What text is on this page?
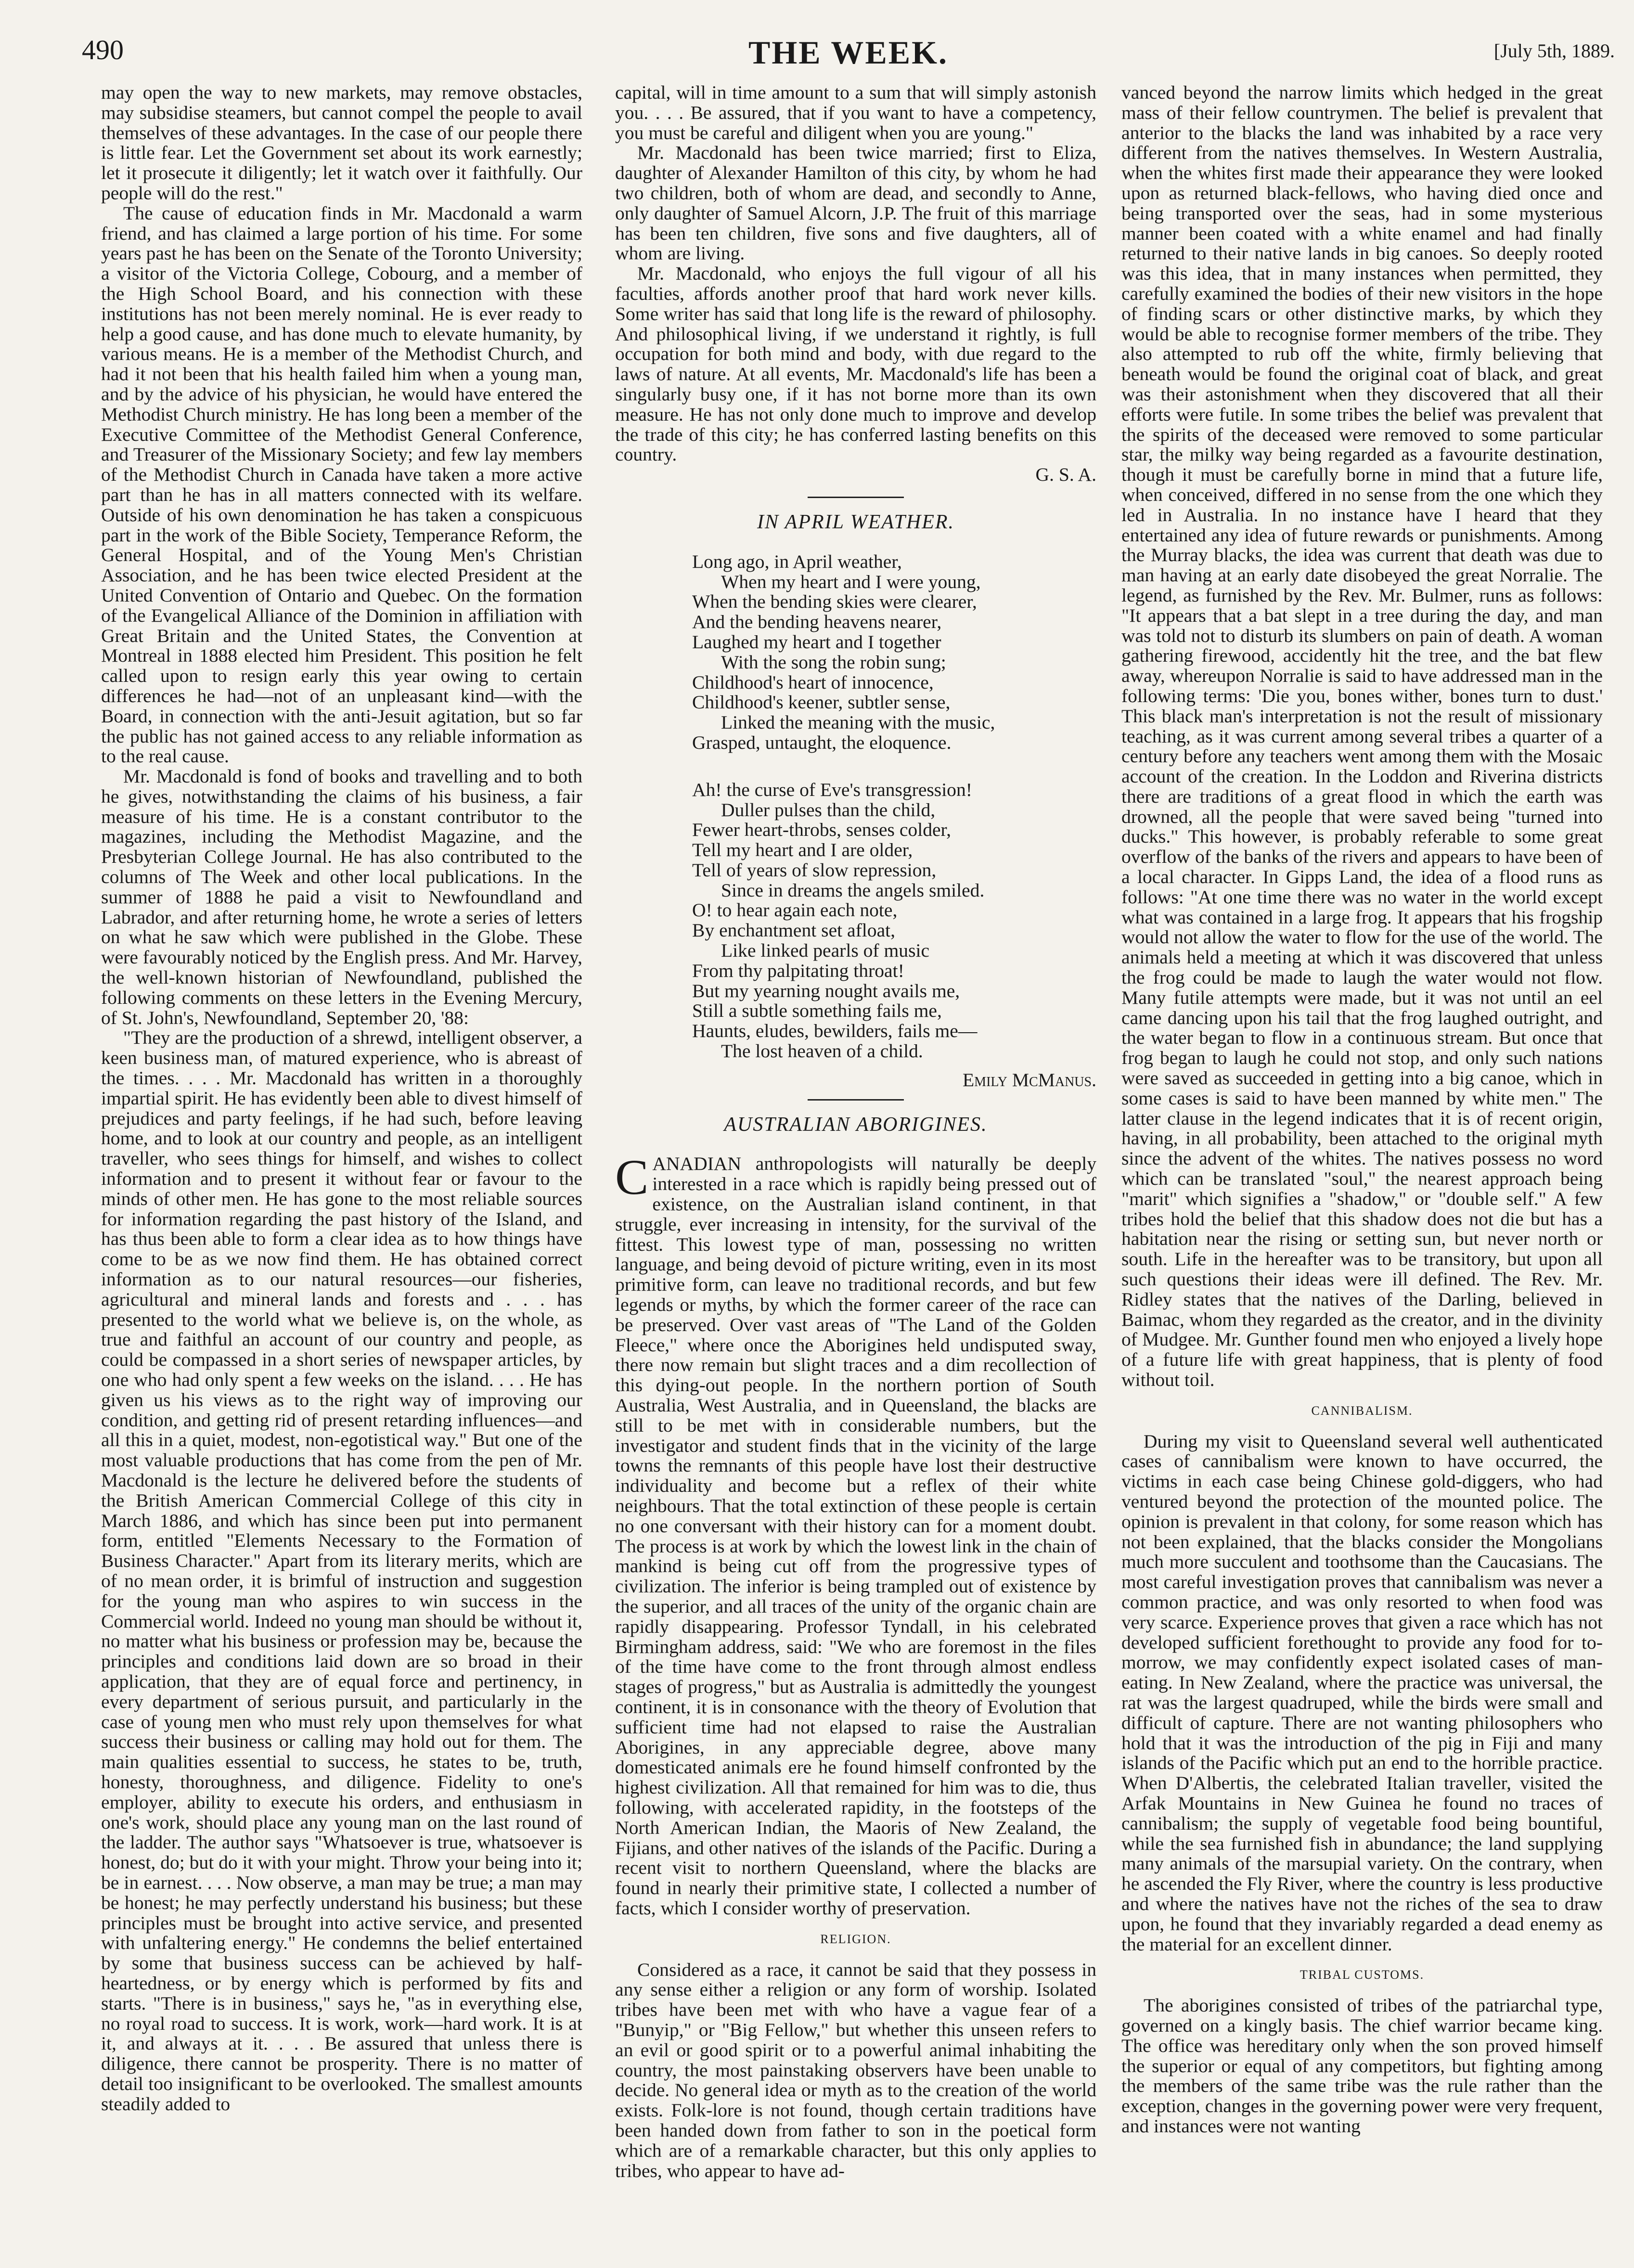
490	THE WEEK.	[July 5th, 1889.

may open the way to new markets, may remove obstacles, may subsidise steamers, but cannot compel the people to avail themselves of these advantages. In the case of our people there is little fear. Let the Government set about its work earnestly; let it prosecute it diligently; let it watch over it faithfully. Our people will do the rest."

The cause of education finds in Mr. Macdonald a warm friend, and has claimed a large portion of his time. For some years past he has been on the Senate of the Toronto University; a visitor of the Victoria College, Cobourg, and a member of the High School Board, and his connection with these institutions has not been merely nominal. He is ever ready to help a good cause, and has done much to elevate humanity, by various means. He is a member of the Methodist Church, and had it not been that his health failed him when a young man, and by the advice of his physician, he would have entered the Methodist Church ministry. He has long been a member of the Executive Committee of the Methodist General Conference, and Treasurer of the Missionary Society; and few lay members of the Methodist Church in Canada have taken a more active part than he has in all matters connected with its welfare. Outside of his own denomination he has taken a conspicuous part in the work of the Bible Society, Temperance Reform, the General Hospital, and of the Young Men's Christian Association, and he has been twice elected President at the United Convention of Ontario and Quebec. On the formation of the Evangelical Alliance of the Dominion in affiliation with Great Britain and the United States, the Convention at Montreal in 1888 elected him President. This position he felt called upon to resign early this year owing to certain differences he had—not of an unpleasant kind—with the Board, in connection with the anti-Jesuit agitation, but so far the public has not gained access to any reliable information as to the real cause.

Mr. Macdonald is fond of books and travelling and to both he gives, notwithstanding the claims of his business, a fair measure of his time. He is a constant contributor to the magazines, including the Methodist Magazine, and the Presbyterian College Journal. He has also contributed to the columns of The Week and other local publications. In the summer of 1888 he paid a visit to Newfoundland and Labrador, and after returning home, he wrote a series of letters on what he saw which were published in the Globe. These were favourably noticed by the English press. And Mr. Harvey, the well-known historian of Newfoundland, published the following comments on these letters in the Evening Mercury, of St. John's, Newfoundland, September 20, '88:

"They are the production of a shrewd, intelligent observer, a keen business man, of matured experience, who is abreast of the times. . . . Mr. Macdonald has written in a thoroughly impartial spirit. He has evidently been able to divest himself of prejudices and party feelings, if he had such, before leaving home, and to look at our country and people, as an intelligent traveller, who sees things for himself, and wishes to collect information and to present it without fear or favour to the minds of other men. He has gone to the most reliable sources for information regarding the past history of the Island, and has thus been able to form a clear idea as to how things have come to be as we now find them. He has obtained correct information as to our natural resources—our fisheries, agricultural and mineral lands and forests and . . . has presented to the world what we believe is, on the whole, as true and faithful an account of our country and people, as could be compassed in a short series of newspaper articles, by one who had only spent a few weeks on the island. . . . He has given us his views as to the right way of improving our condition, and getting rid of present retarding influences—and all this in a quiet, modest, non-egotistical way." But one of the most valuable productions that has come from the pen of Mr. Macdonald is the lecture he delivered before the students of the British American Commercial College of this city in March 1886, and which has since been put into permanent form, entitled "Elements Necessary to the Formation of Business Character." Apart from its literary merits, which are of no mean order, it is brimful of instruction and suggestion for the young man who aspires to win success in the Commercial world. Indeed no young man should be without it, no matter what his business or profession may be, because the principles and conditions laid down are so broad in their application, that they are of equal force and pertinency, in every department of serious pursuit, and particularly in the case of young men who must rely upon themselves for what success their business or calling may hold out for them. The main qualities essential to success, he states to be, truth, honesty, thoroughness, and diligence. Fidelity to one's employer, ability to execute his orders, and enthusiasm in one's work, should place any young man on the last round of the ladder. The author says "Whatsoever is true, whatsoever is honest, do; but do it with your might. Throw your being into it; be in earnest. . . . Now observe, a man may be true; a man may be honest; he may perfectly understand his business; but these principles must be brought into active service, and presented with unfaltering energy." He condemns the belief entertained by some that business success can be achieved by half-heartedness, or by energy which is performed by fits and starts. "There is in business," says he, "as in everything else, no royal road to success. It is work, work—hard work. It is at it, and always at it. . . . Be assured that unless there is diligence, there cannot be prosperity. There is no matter of detail too insignificant to be overlooked. The smallest amounts steadily added to

capital, will in time amount to a sum that will simply astonish you. . . . Be assured, that if you want to have a competency, you must be careful and diligent when you are young."

Mr. Macdonald has been twice married; first to Eliza, daughter of Alexander Hamilton of this city, by whom he had two children, both of whom are dead, and secondly to Anne, only daughter of Samuel Alcorn, J.P. The fruit of this marriage has been ten children, five sons and five daughters, all of whom are living.

Mr. Macdonald, who enjoys the full vigour of all his faculties, affords another proof that hard work never kills. Some writer has said that long life is the reward of philosophy. And philosophical living, if we understand it rightly, is full occupation for both mind and body, with due regard to the laws of nature. At all events, Mr. Macdonald's life has been a singularly busy one, if it has not borne more than its own measure. He has not only done much to improve and develop the trade of this city; he has conferred lasting benefits on this country.

G. S. A.
IN APRIL WEATHER.
Long ago, in April weather,
When my heart and I were young,
When the bending skies were clearer,
And the bending heavens nearer,
Laughed my heart and I together
With the song the robin sung;
Childhood's heart of innocence,
Childhood's keener, subtler sense,
Linked the meaning with the music,
Grasped, untaught, the eloquence.
Ah! the curse of Eve's transgression!
Duller pulses than the child,
Fewer heart-throbs, senses colder,
Tell my heart and I are older,
Tell of years of slow repression,
Since in dreams the angels smiled.
O! to hear again each note,
By enchantment set afloat,
Like linked pearls of music
From thy palpitating throat!
But my yearning nought avails me,
Still a subtle something fails me,
Haunts, eludes, bewilders, fails me—
The lost heaven of a child.
Emily McManus.
AUSTRALIAN ABORIGINES.

CANADIAN anthropologists will naturally be deeply interested in a race which is rapidly being pressed out of existence, on the Australian island continent, in that struggle, ever increasing in intensity, for the survival of the fittest. This lowest type of man, possessing no written language, and being devoid of picture writing, even in its most primitive form, can leave no traditional records, and but few legends or myths, by which the former career of the race can be preserved. Over vast areas of "The Land of the Golden Fleece," where once the Aborigines held undisputed sway, there now remain but slight traces and a dim recollection of this dying-out people. In the northern portion of South Australia, West Australia, and in Queensland, the blacks are still to be met with in considerable numbers, but the investigator and student finds that in the vicinity of the large towns the remnants of this people have lost their destructive individuality and become but a reflex of their white neighbours. That the total extinction of these people is certain no one conversant with their history can for a moment doubt. The process is at work by which the lowest link in the chain of mankind is being cut off from the progressive types of civilization. The inferior is being trampled out of existence by the superior, and all traces of the unity of the organic chain are rapidly disappearing. Professor Tyndall, in his celebrated Birmingham address, said: "We who are foremost in the files of the time have come to the front through almost endless stages of progress," but as Australia is admittedly the youngest continent, it is in consonance with the theory of Evolution that sufficient time had not elapsed to raise the Australian Aborigines, in any appreciable degree, above many domesticated animals ere he found himself confronted by the highest civilization. All that remained for him was to die, thus following, with accelerated rapidity, in the footsteps of the North American Indian, the Maoris of New Zealand, the Fijians, and other natives of the islands of the Pacific. During a recent visit to northern Queensland, where the blacks are found in nearly their primitive state, I collected a number of facts, which I consider worthy of preservation.

RELIGION.

Considered as a race, it cannot be said that they possess in any sense either a religion or any form of worship. Isolated tribes have been met with who have a vague fear of a "Bunyip," or "Big Fellow," but whether this unseen refers to an evil or good spirit or to a powerful animal inhabiting the country, the most painstaking observers have been unable to decide. No general idea or myth as to the creation of the world exists. Folk-lore is not found, though certain traditions have been handed down from father to son in the poetical form which are of a remarkable character, but this only applies to tribes, who appear to have ad-

vanced beyond the narrow limits which hedged in the great mass of their fellow countrymen. The belief is prevalent that anterior to the blacks the land was inhabited by a race very different from the natives themselves. In Western Australia, when the whites first made their appearance they were looked upon as returned black-fellows, who having died once and being transported over the seas, had in some mysterious manner been coated with a white enamel and had finally returned to their native lands in big canoes. So deeply rooted was this idea, that in many instances when permitted, they carefully examined the bodies of their new visitors in the hope of finding scars or other distinctive marks, by which they would be able to recognise former members of the tribe. They also attempted to rub off the white, firmly believing that beneath would be found the original coat of black, and great was their astonishment when they discovered that all their efforts were futile. In some tribes the belief was prevalent that the spirits of the deceased were removed to some particular star, the milky way being regarded as a favourite destination, though it must be carefully borne in mind that a future life, when conceived, differed in no sense from the one which they led in Australia. In no instance have I heard that they entertained any idea of future rewards or punishments. Among the Murray blacks, the idea was current that death was due to man having at an early date disobeyed the great Norralie. The legend, as furnished by the Rev. Mr. Bulmer, runs as follows: "It appears that a bat slept in a tree during the day, and man was told not to disturb its slumbers on pain of death. A woman gathering firewood, accidently hit the tree, and the bat flew away, whereupon Norralie is said to have addressed man in the following terms: 'Die you, bones wither, bones turn to dust.' This black man's interpretation is not the result of missionary teaching, as it was current among several tribes a quarter of a century before any teachers went among them with the Mosaic account of the creation. In the Loddon and Riverina districts there are traditions of a great flood in which the earth was drowned, all the people that were saved being "turned into ducks." This however, is probably referable to some great overflow of the banks of the rivers and appears to have been of a local character. In Gipps Land, the idea of a flood runs as follows: "At one time there was no water in the world except what was contained in a large frog. It appears that his frogship would not allow the water to flow for the use of the world. The animals held a meeting at which it was discovered that unless the frog could be made to laugh the water would not flow. Many futile attempts were made, but it was not until an eel came dancing upon his tail that the frog laughed outright, and the water began to flow in a continuous stream. But once that frog began to laugh he could not stop, and only such nations were saved as succeeded in getting into a big canoe, which in some cases is said to have been manned by white men." The latter clause in the legend indicates that it is of recent origin, having, in all probability, been attached to the original myth since the advent of the whites. The natives possess no word which can be translated "soul," the nearest approach being "marit" which signifies a "shadow," or "double self." A few tribes hold the belief that this shadow does not die but has a habitation near the rising or setting sun, but never north or south. Life in the hereafter was to be transitory, but upon all such questions their ideas were ill defined. The Rev. Mr. Ridley states that the natives of the Darling, believed in Baimac, whom they regarded as the creator, and in the divinity of Mudgee. Mr. Gunther found men who enjoyed a lively hope of a future life with great happiness, that is plenty of food without toil.

CANNIBALISM.

During my visit to Queensland several well authenticated cases of cannibalism were known to have occurred, the victims in each case being Chinese gold-diggers, who had ventured beyond the protection of the mounted police. The opinion is prevalent in that colony, for some reason which has not been explained, that the blacks consider the Mongolians much more succulent and toothsome than the Caucasians. The most careful investigation proves that cannibalism was never a common practice, and was only resorted to when food was very scarce. Experience proves that given a race which has not developed sufficient forethought to provide any food for to-morrow, we may confidently expect isolated cases of man-eating. In New Zealand, where the practice was universal, the rat was the largest quadruped, while the birds were small and difficult of capture. There are not wanting philosophers who hold that it was the introduction of the pig in Fiji and many islands of the Pacific which put an end to the horrible practice. When D'Albertis, the celebrated Italian traveller, visited the Arfak Mountains in New Guinea he found no traces of cannibalism; the supply of vegetable food being bountiful, while the sea furnished fish in abundance; the land supplying many animals of the marsupial variety. On the contrary, when he ascended the Fly River, where the country is less productive and where the natives have not the riches of the sea to draw upon, he found that they invariably regarded a dead enemy as the material for an excellent dinner.

TRIBAL CUSTOMS.

The aborigines consisted of tribes of the patriarchal type, governed on a kingly basis. The chief warrior became king. The office was hereditary only when the son proved himself the superior or equal of any competitors, but fighting among the members of the same tribe was the rule rather than the exception, changes in the governing power were very frequent, and instances were not wanting
